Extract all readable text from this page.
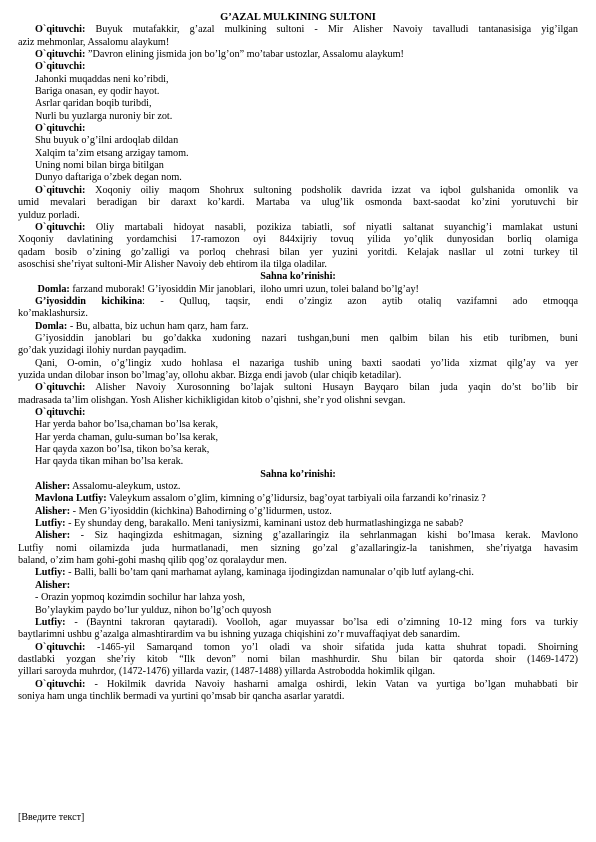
G’AZAL MULKINING SULTONI
O`qituvchi: Buyuk mutafakkir, g’azal mulkining sultoni - Mir Alisher Navoiy tavalludi tantanasisiga yig’ilgan
aziz mehmonlar, Assalomu alaykum!
O`qituvchi: ”Davron elining jismida jon bo’lg’on” mo’tabar ustozlar, Assalomu alaykum!
O`qituvchi:
Jahonki muqaddas neni ko’ribdi,
Bariga onasan, ey qodir hayot.
Asrlar qaridan boqib turibdi,
Nurli bu yuzlarga nuroniy bir zot.
O`qituvchi:
Shu buyuk o’g’ilni ardoqlab dildan
Xalqim ta’zim etsang arzigay tamom.
Uning nomi bilan birga bitilgan
Dunyo daftariga o’zbek degan nom.
O`qituvchi: Xoqoniy oiliy maqom Shohrux sultoning podsholik davrida izzat va iqbol gulshanida omonlik va
umid mevalari beradigan bir daraxt ko’kardi. Martaba va ulug’lik osmonda baxt-saodat ko’zini yorutuvchi bir
yulduz porladi.
O`qituvchi: Oliy martabali hidoyat nasabli, pozikiza tabiatli, sof niyatli saltanat suyanchig’i mamlakat ustuni
Xoqoniy davlatining yordamchisi 17-ramozon oyi 844xijriy tovuq yilida yo’qlik dunyosidan borliq olamiga
qadam bosib o’zining go’zalligi va porloq chehrasi bilan yer yuzini yoritdi. Kelajak nasllar ul zotni turkey til
asoschisi she’riyat sultoni-Mir Alisher Navoiy deb ehtirom ila tilga oladilar.
Sahna ko’rinishi:
Domla: farzand muborak! G’iyosiddin Mir janoblari,  iloho umri uzun, tolei baland bo’lg’ay!
G’iyosiddin kichikina: - Qulluq, taqsir, endi o’zingiz azon aytib otaliq vazifamni ado etmoqqa
ko’maklashursiz.
Domla: - Bu, albatta, biz uchun ham qarz, ham farz.
G’iyosiddin janoblari bu go’dakka xudoning nazari tushgan,buni men qalbim bilan his etib turibmen, buni
go’dak yuzidagi ilohiy nurdan payqadim.
Qani, O-omin, o’g’lingiz xudo hohlasa el nazariga tushib uning baxti saodati yo’lida xizmat qilg’ay va yer
yuzida undan dilobar inson bo’lmag’ay, ollohu akbar. Bizga endi javob (ular chiqib ketadilar).
O`qituvchi: Alisher Navoiy Xurosonning bo’lajak sultoni Husayn Bayqaro bilan juda yaqin do’st bo’lib bir
madrasada ta’lim olishgan. Yosh Alisher kichikligidan kitob o’qishni, she’r yod olishni sevgan.
O`qituvchi:
Har yerda bahor bo’lsa,chaman bo’lsa kerak,
Har yerda chaman, gulu-suman bo’lsa kerak,
Har qayda xazon bo’lsa, tikon bo’sa kerak,
Har qayda tikan mihan bo’lsa kerak.
Sahna ko’rinishi:
Alisher: Assalomu-aleykum, ustoz.
Mavlona Lutfiy: Valeykum assalom o’glim, kimning o’g’lidursiz, bag’oyat tarbiyali oila farzandi ko’rinasiz ?
Alisher: - Men G’iyosiddin (kichkina) Bahodirning o’g’lidurmen, ustoz.
Lutfiy: - Ey shunday deng, barakallo. Meni taniysizmi, kaminani ustoz deb hurmatlashingizga ne sabab?
Alisher: - Siz haqingizda eshitmagan, sizning g’azallaringiz ila sehrlanmagan kishi bo’lmasa kerak. Mavlono
Lutfiy nomi oilamizda juda hurmatlanadi, men sizning go’zal g’azallaringiz-la tanishmen, she’riyatga havasim
baland, o’zim ham gohi-gohi mashq qilib qog’oz qoralaydur men.
Lutfiy: - Balli, balli bo’tam qani marhamat aylang, kaminaga ijodingizdan namunalar o’qib lutf aylang-chi.
Alisher:
- Orazin yopmoq kozimdin sochilur har lahza yosh,
Bo’ylaykim paydo bo’lur yulduz, nihon bo’lg’och quyosh
Lutfiy: - (Bayntni takroran qaytaradi). Voolloh, agar muyassar bo’lsa edi o’zimning 10-12 ming fors va turkiy
baytlarimni ushbu g’azalga almashtirardim va bu ishning yuzaga chiqishini zo’r muvaffaqiyat deb sanardim.
O`qituvchi: -1465-yil Samarqand tomon yo’l oladi va shoir sifatida juda katta shuhrat topadi. Shoirning
dastlabki yozgan she’riy kitob “Ilk devon” nomi bilan mashhurdir. Shu bilan bir qatorda shoir (1469-1472)
yillari saroyda muhrdor, (1472-1476) yillarda vazir, (1487-1488) yillarda Astrobodda hokimlik qilgan.
O`qituvchi: - Hokilmik davrida Navoiy hasharni amalga oshirdi, lekin Vatan va yurtiga bo’lgan muhabbati bir
soniya ham unga tinchlik bermadi va yurtini qo’msab bir qancha asarlar yaratdi.
[Введите текст]
